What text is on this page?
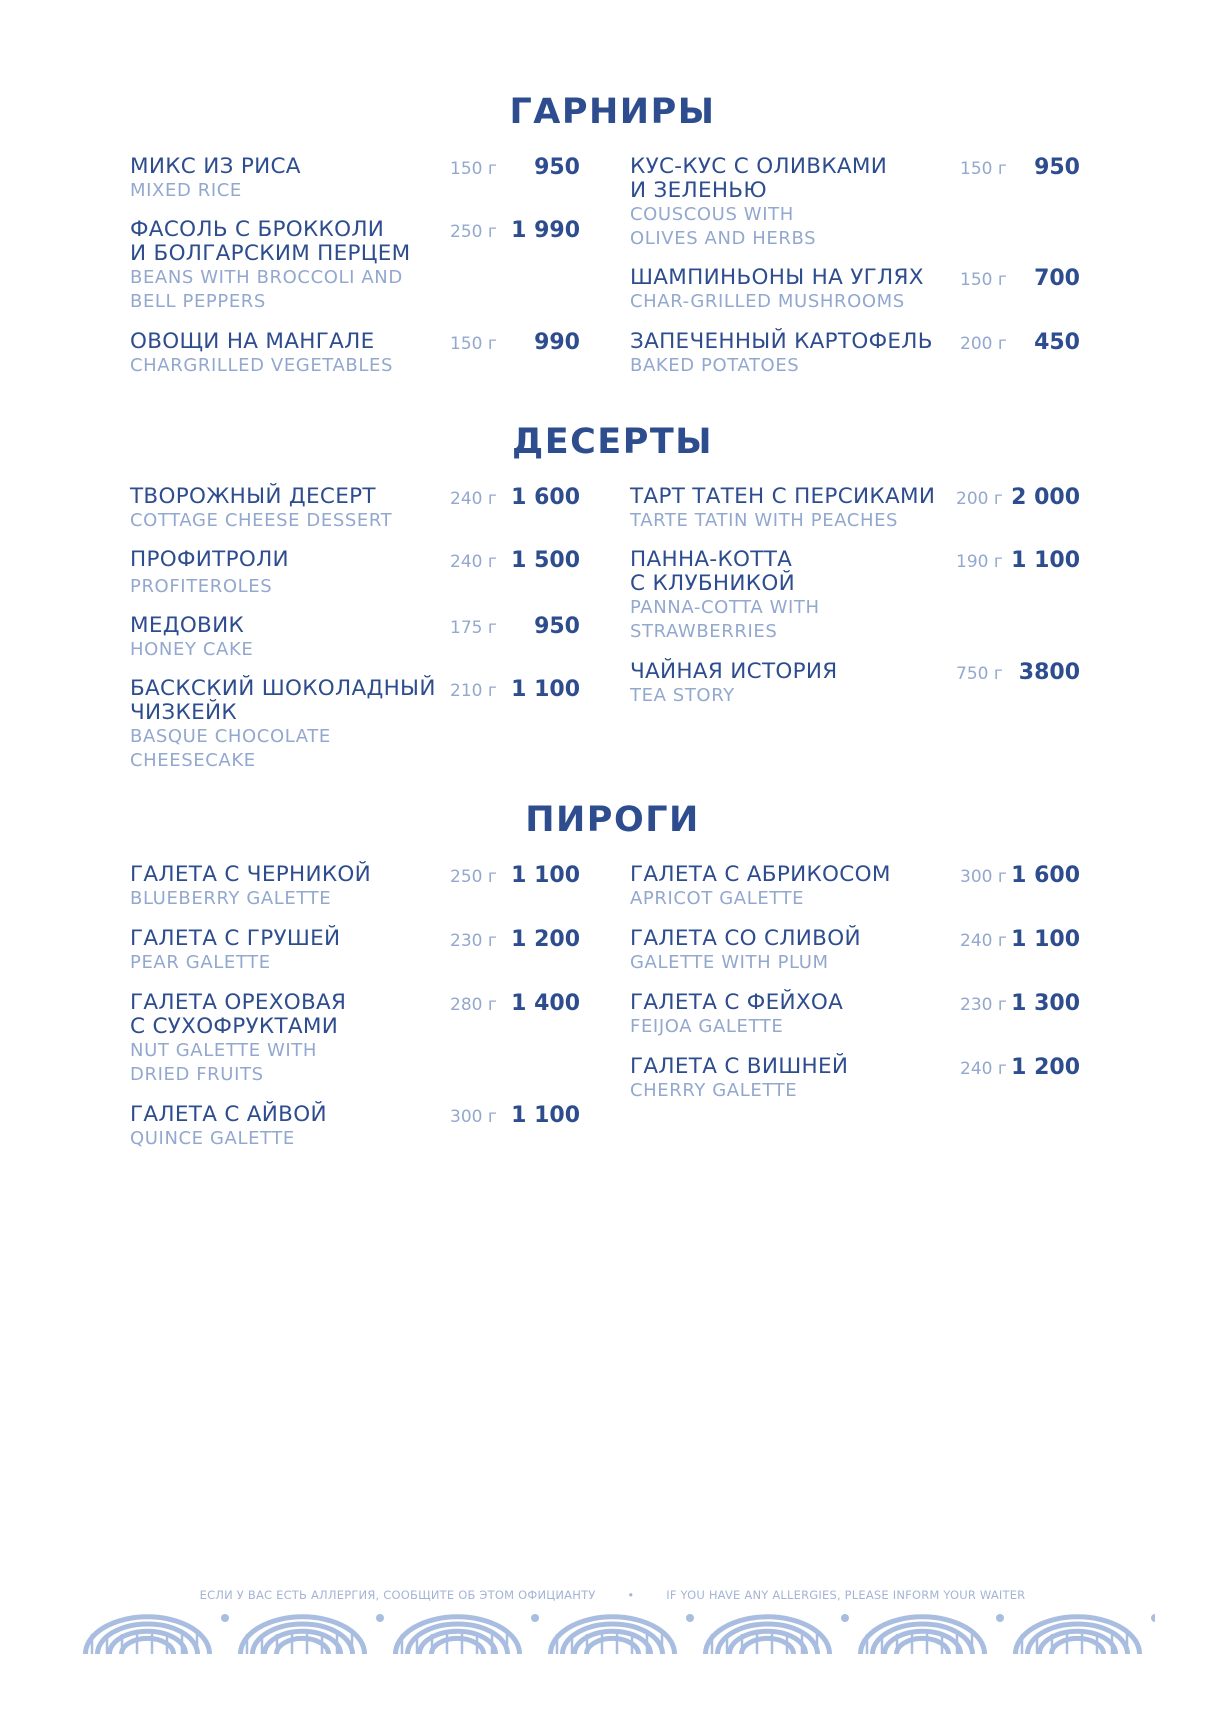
ГАРНИРЫ
МИКС ИЗ РИСА
MIXED RICE
150 г 950
ФАСОЛЬ С БРОККОЛИ
И БОЛГАРСКИМ ПЕРЦЕМ
BEANS WITH BROCCOLI AND
BELL PEPPERS
250 г 1 990
ОВОЩИ НА МАНГАЛЕ
CHARGRILLED VEGETABLES
150 г 990
КУС-КУС С ОЛИВКАМИ
И ЗЕЛЕНЬЮ
COUSCOUS WITH
OLIVES AND HERBS
150 г 950
ШАМПИНЬОНЫ НА УГЛЯХ
CHAR-GRILLED MUSHROOMS
150 г 700
ЗАПЕЧЕННЫЙ КАРТОФЕЛЬ
BAKED POTATOES
200 г 450
ДЕСЕРТЫ
ТВОРОЖНЫЙ ДЕСЕРТ
COTTAGE CHEESE DESSERT
240 г 1 600
ПРОФИТРОЛИ
PROFITEROLES
240 г 1 500
МЕДОВИК
HONEY CAKE
175 г 950
БАСКСКИЙ ШОКОЛАДНЫЙ
ЧИЗКЕЙК
BASQUE CHOCOLATE
CHEESECAKE
210 г 1 100
ТАРТ ТАТЕН С ПЕРСИКАМИ
TARTE TATIN WITH PEACHES
200 г 2 000
ПАННА-КОТТА
С КЛУБНИКОЙ
PANNA-COTTA WITH
STRAWBERRIES
190 г 1 100
ЧАЙНАЯ ИСТОРИЯ
TEA STORY
750 г 3800
ПИРОГИ
ГАЛЕТА С ЧЕРНИКОЙ
BLUEBERRY GALETTE
250 г 1 100
ГАЛЕТА С ГРУШЕЙ
PEAR GALETTE
230 г 1 200
ГАЛЕТА ОРЕХОВАЯ
С СУХОФРУКТАМИ
NUT GALETTE WITH
DRIED FRUITS
280 г 1 400
ГАЛЕТА С АЙВОЙ
QUINCE GALETTE
300 г 1 100
ГАЛЕТА С АБРИКОСОМ
APRICOT GALETTE
300 г 1 600
ГАЛЕТА СО СЛИВОЙ
GALETTE WITH PLUM
240 г 1 100
ГАЛЕТА С ФЕЙХОА
FEIJOA GALETTE
230 г 1 300
ГАЛЕТА С ВИШНЕЙ
CHERRY GALETTE
240 г 1 200
ЕСЛИ У ВАС ЕСТЬ АЛЛЕРГИЯ, СООБЩИТЕ ОБ ЭТОМ ОФИЦИАНТУ	•	IF YOU HAVE ANY ALLERGIES, PLEASE INFORM YOUR WAITER
